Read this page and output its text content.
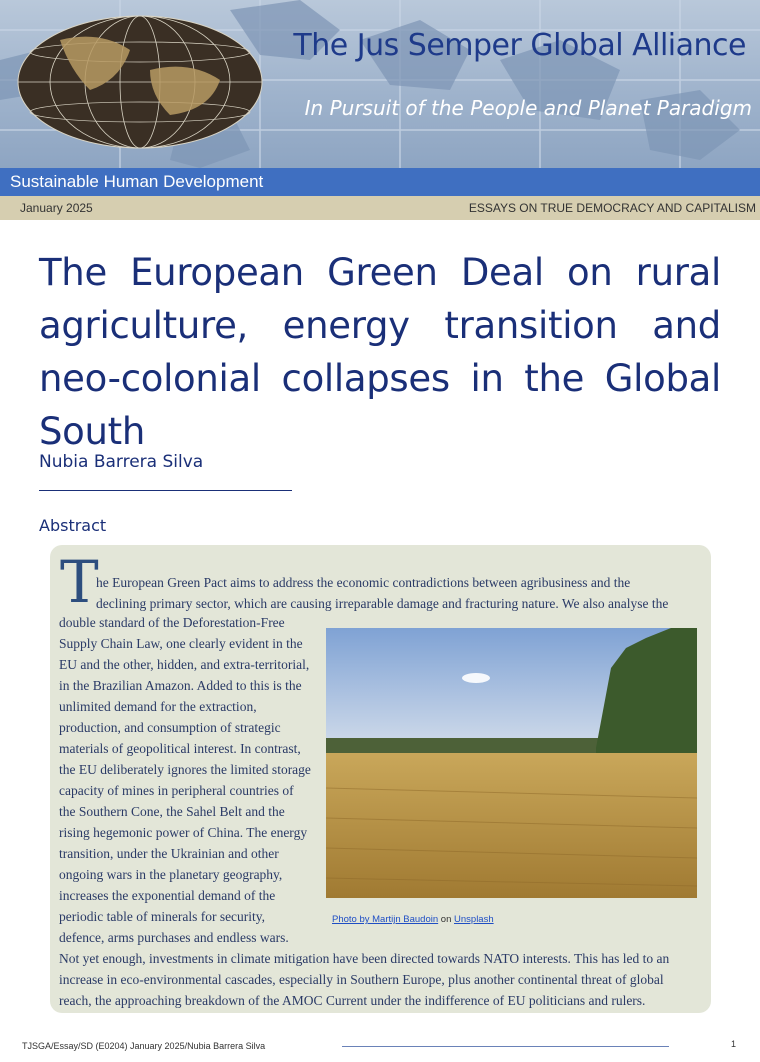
The Jus Semper Global Alliance
In Pursuit of the People and Planet Paradigm
Sustainable Human Development
January 2025	ESSAYS ON TRUE DEMOCRACY AND CAPITALISM
The European Green Deal on rural agriculture, energy transition and neo-colonial collapses in the Global South
Nubia Barrera Silva
Abstract
T
he European Green Pact aims to address the economic contradictions between agribusiness and the
declining primary sector, which are causing irreparable damage and fracturing nature. We also analyse the
double standard of the Deforestation-Free
Supply Chain Law, one clearly evident in the
EU and the other, hidden, and extra-territorial,
in the Brazilian Amazon. Added to this is the
unlimited demand for the extraction,
production, and consumption of strategic
materials of geopolitical interest. In contrast,
the EU deliberately ignores the limited storage
capacity of mines in peripheral countries of
the Southern Cone, the Sahel Belt and the
rising hegemonic power of China. The energy
transition, under the Ukrainian and other
ongoing wars in the planetary geography,
increases the exponential demand of the
periodic table of minerals for security,
defence, arms purchases and endless wars.
Not yet enough, investments in climate mitigation have been directed towards NATO interests. This has led to an
increase in eco-environmental cascades, especially in Southern Europe, plus another continental threat of global
reach, the approaching breakdown of the AMOC Current under the indifference of EU politicians and rulers.
Photo by Martijn Baudoin on Unsplash
TJSGA/Essay/SD (E0204) January 2025/Nubia Barrera Silva	1
